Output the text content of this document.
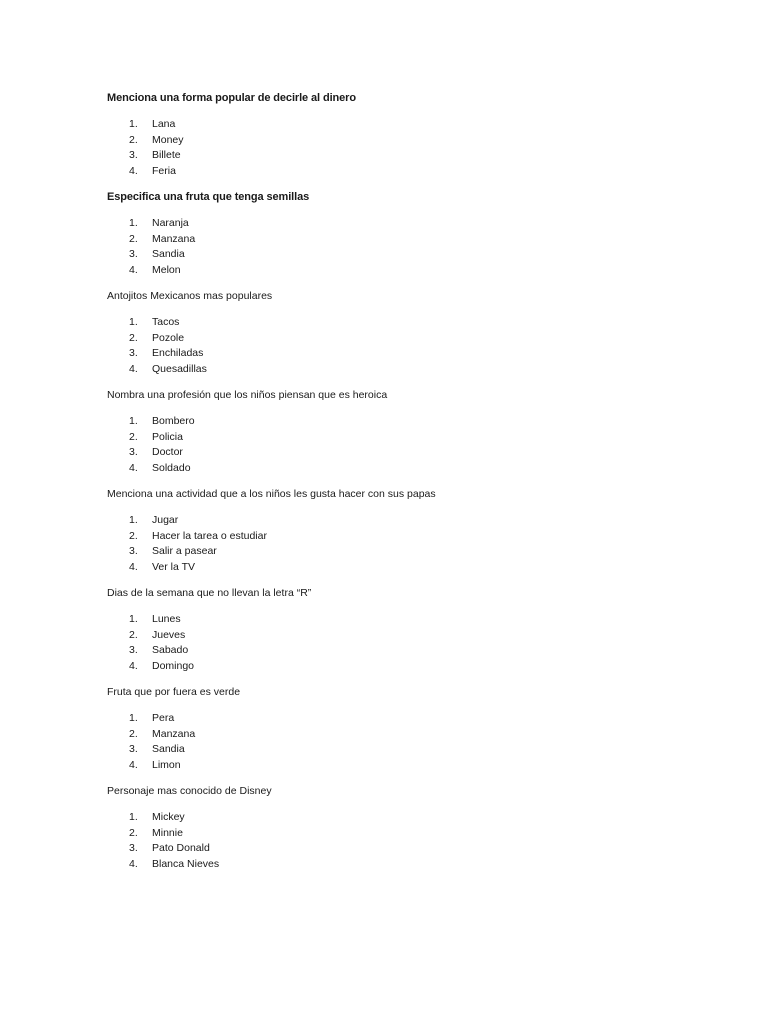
Menciona una forma popular de decirle al dinero

1.	Lana
2.	Money
3.	Billete
4.	Feria

Especifica una fruta que tenga semillas

1.	Naranja
2.	Manzana
3.	Sandia
4.	Melon

Antojitos Mexicanos mas populares

1.	Tacos
2.	Pozole
3.	Enchiladas
4.	Quesadillas

Nombra una profesión que los niños piensan que es heroica

1.	Bombero
2.	Policia
3.	Doctor
4.	Soldado

Menciona una actividad que a los niños les gusta hacer con sus papas

1.	Jugar
2.	Hacer la tarea o estudiar
3.	Salir a pasear
4.	Ver la TV

Dias de la semana que no llevan la letra “R”

1.	Lunes
2.	Jueves
3.	Sabado
4.	Domingo

Fruta que por fuera es verde

1.	Pera
2.	Manzana
3.	Sandia
4.	Limon

Personaje mas conocido de Disney

1.	Mickey
2.	Minnie
3.	Pato Donald
4.	Blanca Nieves
